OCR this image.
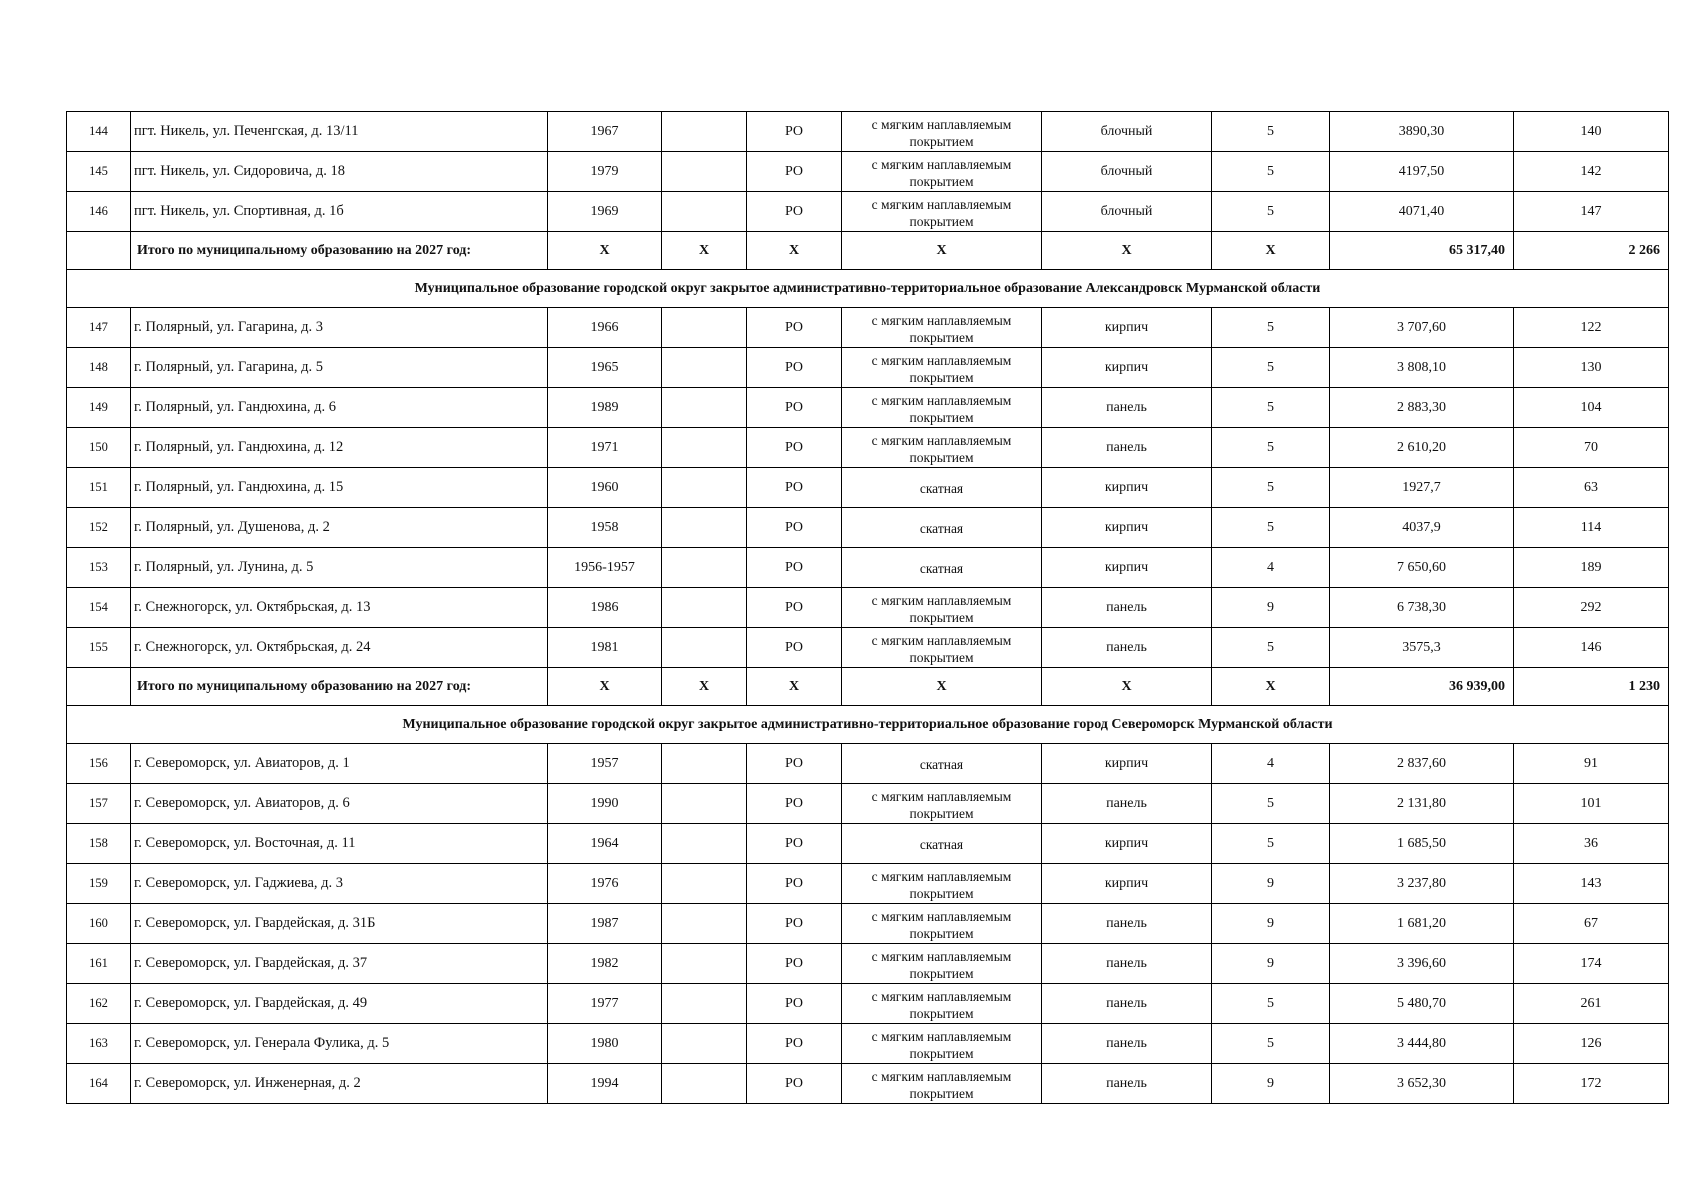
144	пгт. Никель, ул. Печенгская, д. 13/11	1967		РО	с мягким наплавляемым покрытием	блочный	5	3890,30	140
145	пгт. Никель, ул. Сидоровича, д. 18	1979		РО	с мягким наплавляемым покрытием	блочный	5	4197,50	142
146	пгт. Никель, ул. Спортивная, д. 1б	1969		РО	с мягким наплавляемым покрытием	блочный	5	4071,40	147
	Итого по муниципальному образованию на 2027 год:	X	X	X	X	X	X	65 317,40	2 266
Муниципальное образование городской округ закрытое административно-территориальное образование Александровск Мурманской области									
147	г. Полярный, ул. Гагарина, д. 3	1966		РО	с мягким наплавляемым покрытием	кирпич	5	3 707,60	122
148	г. Полярный, ул. Гагарина, д. 5	1965		РО	с мягким наплавляемым покрытием	кирпич	5	3 808,10	130
149	г. Полярный, ул. Гандюхина, д. 6	1989		РО	с мягким наплавляемым покрытием	панель	5	2 883,30	104
150	г. Полярный, ул. Гандюхина, д. 12	1971		РО	с мягким наплавляемым покрытием	панель	5	2 610,20	70
151	г. Полярный, ул. Гандюхина, д. 15	1960		РО	скатная	кирпич	5	1927,7	63
152	г. Полярный, ул. Душенова, д. 2	1958		РО	скатная	кирпич	5	4037,9	114
153	г. Полярный, ул. Лунина, д. 5	1956-1957		РО	скатная	кирпич	4	7 650,60	189
154	г. Снежногорск, ул. Октябрьская, д. 13	1986		РО	с мягким наплавляемым покрытием	панель	9	6 738,30	292
155	г. Снежногорск, ул. Октябрьская, д. 24	1981		РО	с мягким наплавляемым покрытием	панель	5	3575,3	146
	Итого по муниципальному образованию на 2027 год:	X	X	X	X	X	X	36 939,00	1 230
Муниципальное образование городской округ закрытое административно-территориальное образование город Североморск Мурманской области									
156	г. Североморск, ул. Авиаторов, д. 1	1957		РО	скатная	кирпич	4	2 837,60	91
157	г. Североморск, ул. Авиаторов, д. 6	1990		РО	с мягким наплавляемым покрытием	панель	5	2 131,80	101
158	г. Североморск, ул. Восточная, д. 11	1964		РО	скатная	кирпич	5	1 685,50	36
159	г. Североморск, ул. Гаджиева, д. 3	1976		РО	с мягким наплавляемым покрытием	кирпич	9	3 237,80	143
160	г. Североморск, ул. Гвардейская, д. 31Б	1987		РО	с мягким наплавляемым покрытием	панель	9	1 681,20	67
161	г. Североморск, ул. Гвардейская, д. 37	1982		РО	с мягким наплавляемым покрытием	панель	9	3 396,60	174
162	г. Североморск, ул. Гвардейская, д. 49	1977		РО	с мягким наплавляемым покрытием	панель	5	5 480,70	261
163	г. Североморск, ул. Генерала Фулика, д. 5	1980		РО	с мягким наплавляемым покрытием	панель	5	3 444,80	126
164	г. Североморск, ул. Инженерная, д. 2	1994		РО	с мягким наплавляемым покрытием	панель	9	3 652,30	172
